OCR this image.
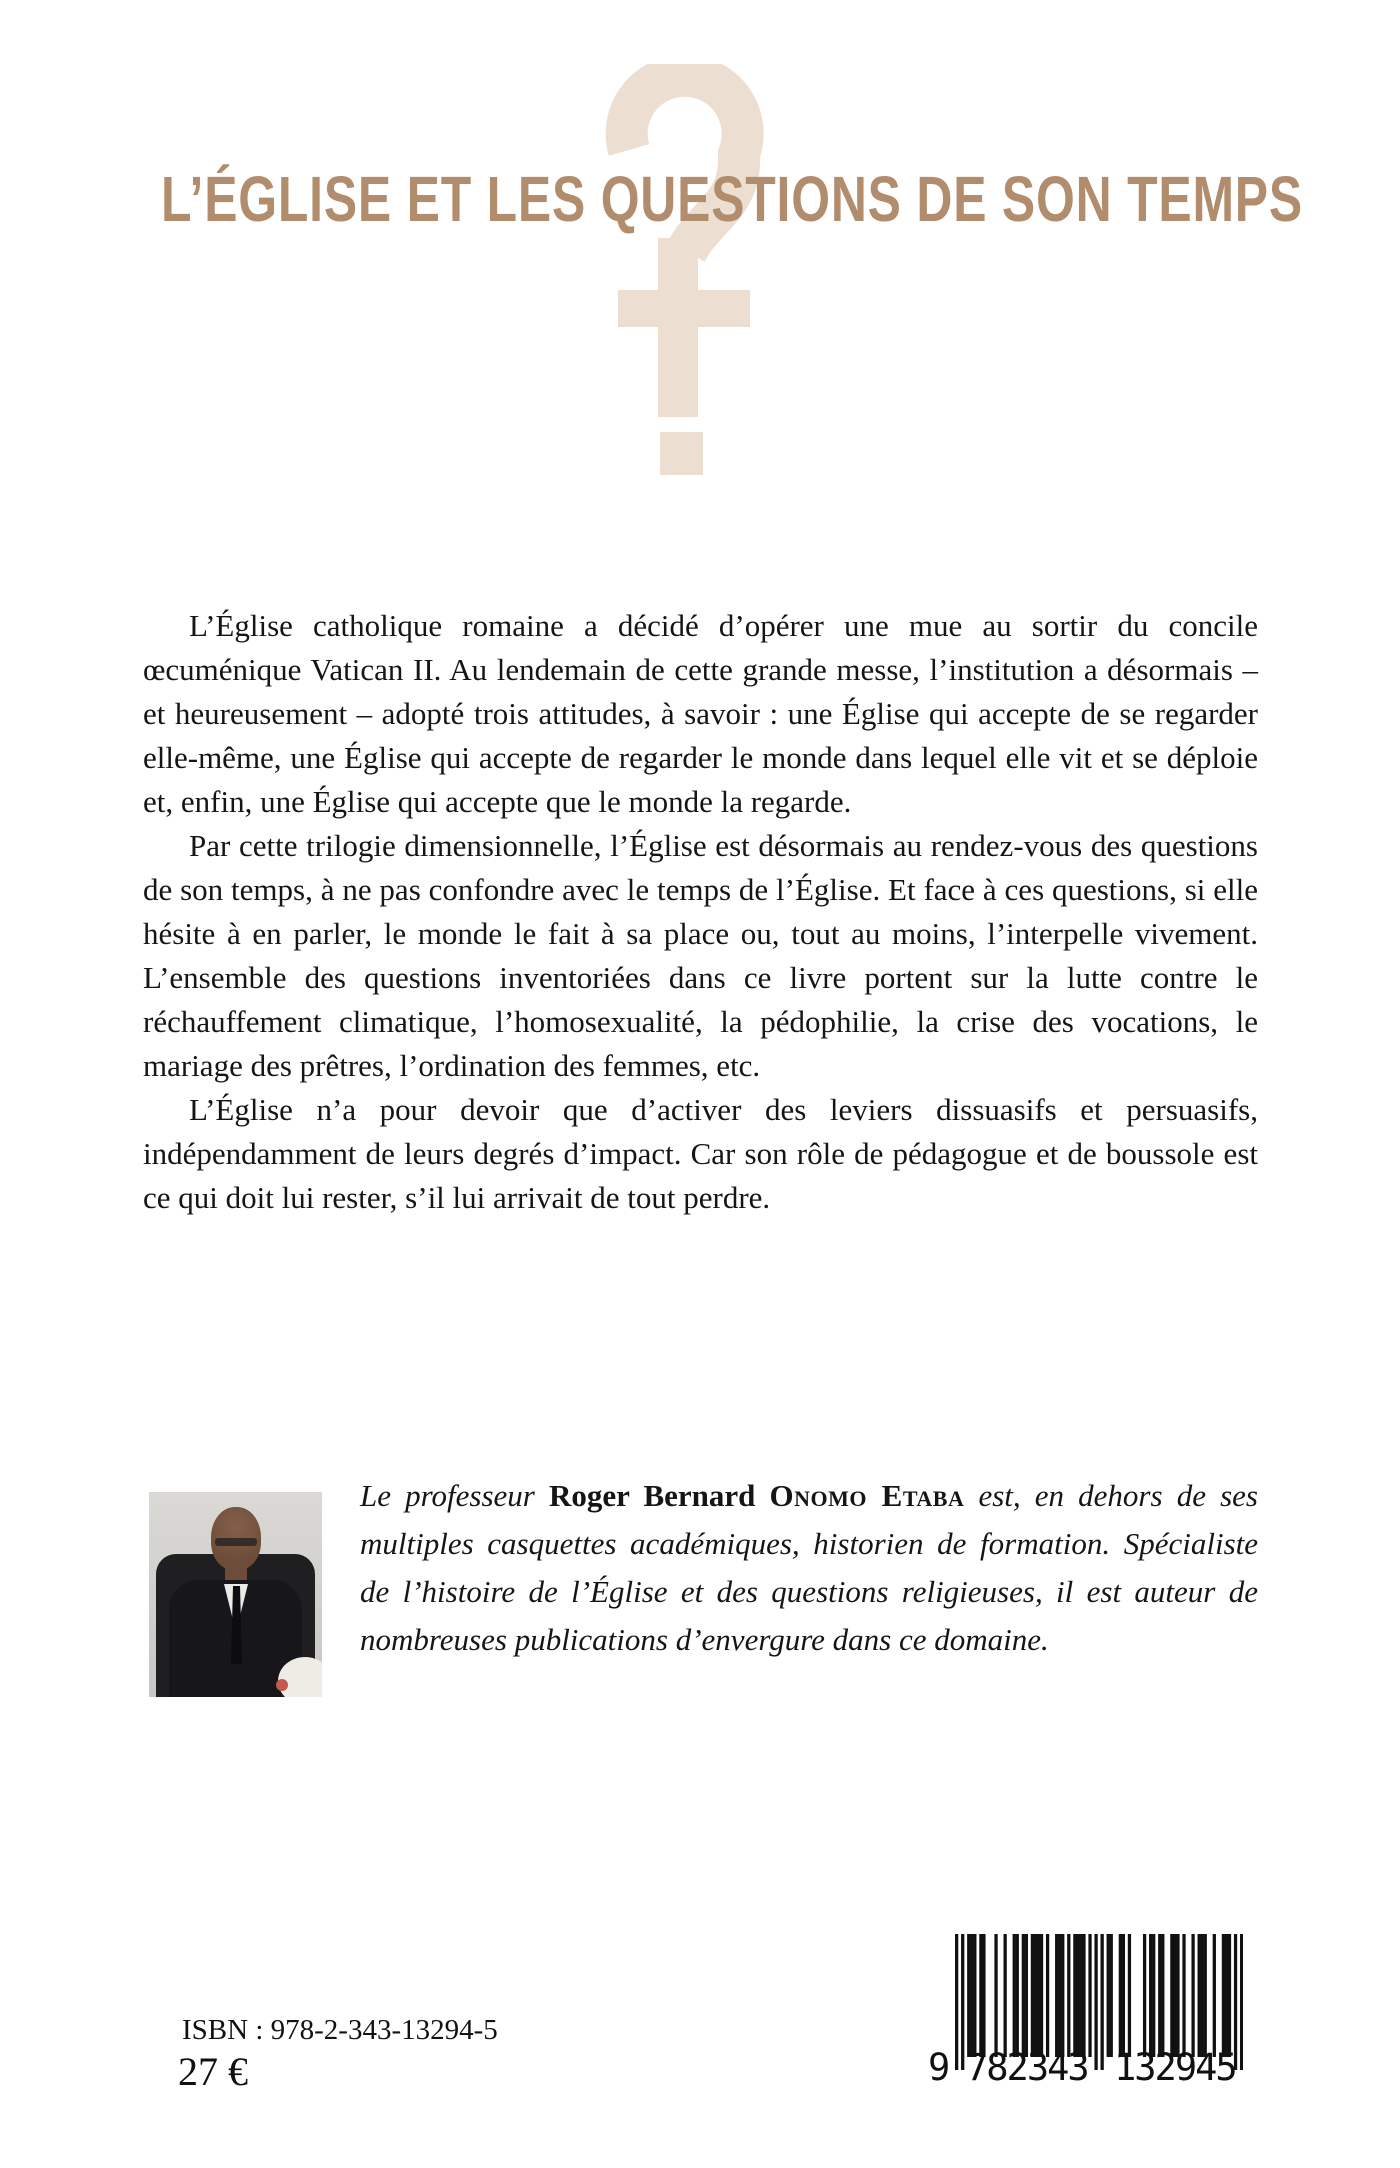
L’ÉGLISE ET LES QUESTIONS DE SON TEMPS

L’Église catholique romaine a décidé d’opérer une mue au sortir du concile œcuménique Vatican II. Au lendemain de cette grande messe, l’institution a désormais – et heureusement – adopté trois attitudes, à savoir : une Église qui accepte de se regarder elle-même, une Église qui accepte de regarder le monde dans lequel elle vit et se déploie et, enfin, une Église qui accepte que le monde la regarde.

Par cette trilogie dimensionnelle, l’Église est désormais au rendez-vous des questions de son temps, à ne pas confondre avec le temps de l’Église. Et face à ces questions, si elle hésite à en parler, le monde le fait à sa place ou, tout au moins, l’interpelle vivement. L’ensemble des questions inventoriées dans ce livre portent sur la lutte contre le réchauffement climatique, l’homosexualité, la pédophilie, la crise des vocations, le mariage des prêtres, l’ordination des femmes, etc.

L’Église n’a pour devoir que d’activer des leviers dissuasifs et persuasifs, indépendamment de leurs degrés d’impact. Car son rôle de pédagogue et de boussole est ce qui doit lui rester, s’il lui arrivait de tout perdre.

Le professeur Roger Bernard Onomo Etaba est, en dehors de ses multiples casquettes académiques, historien de formation. Spécialiste de l’histoire de l’Église et des questions religieuses, il est auteur de nombreuses publications d’envergure dans ce domaine.
ISBN : 978-2-343-13294-5
27 €	9 782343 132945
